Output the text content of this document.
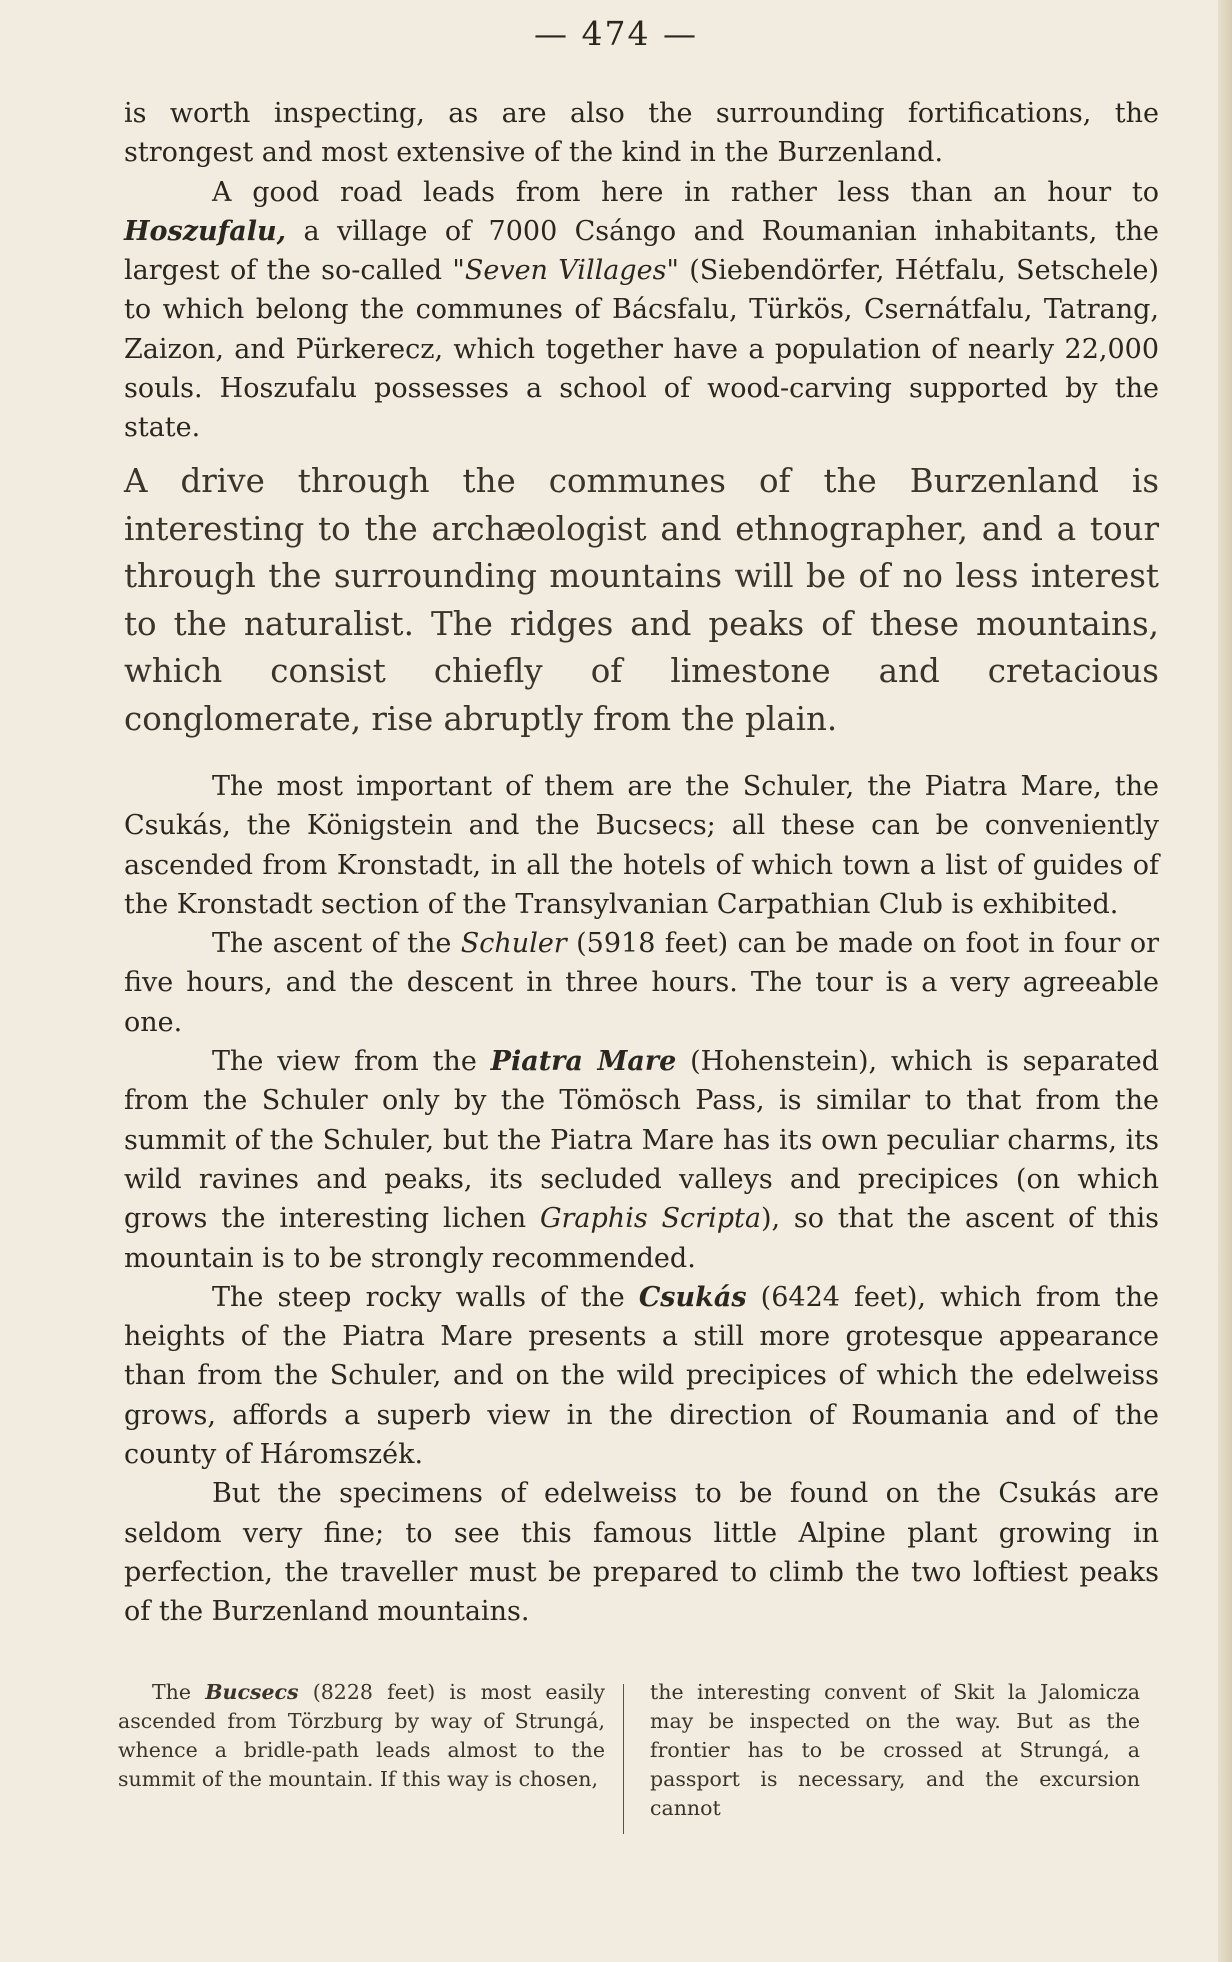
— 474 —

is worth inspecting, as are also the surrounding fortifications, the strongest and most extensive of the kind in the Burzenland.

A good road leads from here in rather less than an hour to Hoszufalu, a village of 7000 Csángo and Roumanian inhabitants, the largest of the so-called "Seven Villages" (Siebendörfer, Hétfalu, Setschele) to which belong the communes of Bácsfalu, Türkös, Csernátfalu, Tatrang, Zaizon, and Pürkerecz, which together have a population of nearly 22,000 souls. Hoszufalu possesses a school of wood-carving supported by the state.

A drive through the communes of the Burzenland is interesting to the archæologist and ethnographer, and a tour through the surrounding mountains will be of no less interest to the naturalist. The ridges and peaks of these mountains, which consist chiefly of limestone and cretacious conglomerate, rise abruptly from the plain.

The most important of them are the Schuler, the Piatra Mare, the Csukás, the Königstein and the Bucsecs; all these can be conveniently ascended from Kronstadt, in all the hotels of which town a list of guides of the Kronstadt section of the Transylvanian Carpathian Club is exhibited.

The ascent of the Schuler (5918 feet) can be made on foot in four or five hours, and the descent in three hours. The tour is a very agreeable one.

The view from the Piatra Mare (Hohenstein), which is separated from the Schuler only by the Tömösch Pass, is similar to that from the summit of the Schuler, but the Piatra Mare has its own peculiar charms, its wild ravines and peaks, its secluded valleys and precipices (on which grows the interesting lichen Graphis Scripta), so that the ascent of this mountain is to be strongly recommended.

The steep rocky walls of the Csukás (6424 feet), which from the heights of the Piatra Mare presents a still more grotesque appearance than from the Schuler, and on the wild precipices of which the edelweiss grows, affords a superb view in the direction of Roumania and of the county of Háromszék.

But the specimens of edelweiss to be found on the Csukás are seldom very fine; to see this famous little Alpine plant growing in perfection, the traveller must be prepared to climb the two loftiest peaks of the Burzenland mountains.

The Bucsecs (8228 feet) is most easily ascended from Törzburg by way of Strungá, whence a bridle-path leads almost to the summit of the mountain. If this way is chosen,

the interesting convent of Skit la Jalomicza may be inspected on the way. But as the frontier has to be crossed at Strungá, a passport is necessary, and the excursion cannot
